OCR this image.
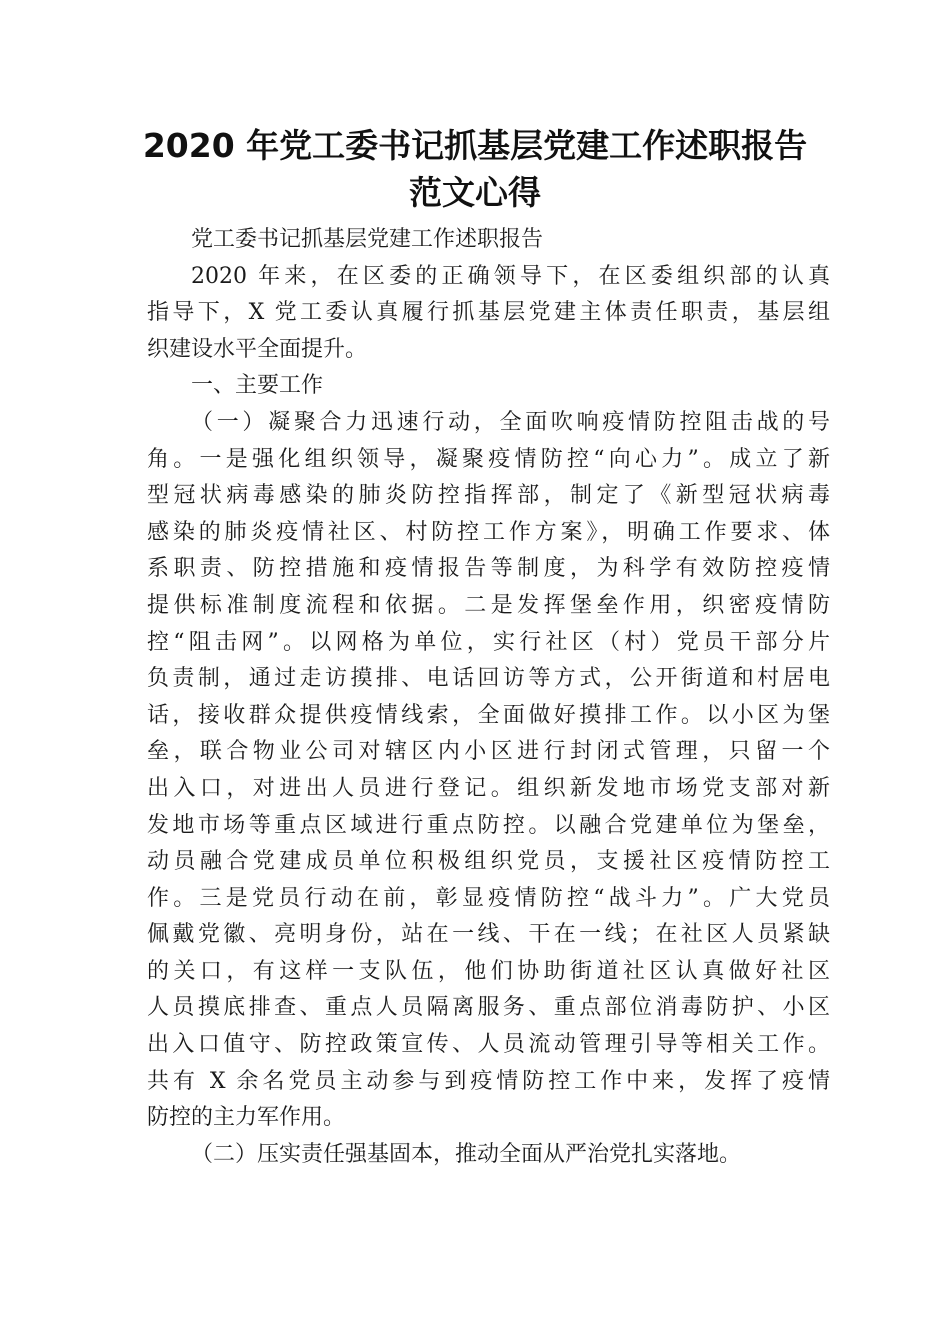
2020 年党工委书记抓基层党建工作述职报告
范文心得
党工委书记抓基层党建工作述职报告
2020 年来，在区委的正确领导下，在区委组织部的认真
指导下，X 党工委认真履行抓基层党建主体责任职责，基层组
织建设水平全面提升。
一、主要工作
（一）凝聚合力迅速行动，全面吹响疫情防控阻击战的号
角。一是强化组织领导，凝聚疫情防控“向心力”。成立了新
型冠状病毒感染的肺炎防控指挥部，制定了《新型冠状病毒
感染的肺炎疫情社区、村防控工作方案》，明确工作要求、体
系职责、防控措施和疫情报告等制度，为科学有效防控疫情
提供标准制度流程和依据。二是发挥堡垒作用，织密疫情防
控“阻击网”。以网格为单位，实行社区（村）党员干部分片
负责制，通过走访摸排、电话回访等方式，公开街道和村居电
话，接收群众提供疫情线索，全面做好摸排工作。以小区为堡
垒，联合物业公司对辖区内小区进行封闭式管理，只留一个
出入口，对进出人员进行登记。组织新发地市场党支部对新
发地市场等重点区域进行重点防控。以融合党建单位为堡垒，
动员融合党建成员单位积极组织党员，支援社区疫情防控工
作。三是党员行动在前，彰显疫情防控“战斗力”。广大党员
佩戴党徽、亮明身份，站在一线、干在一线；在社区人员紧缺
的关口，有这样一支队伍，他们协助街道社区认真做好社区
人员摸底排查、重点人员隔离服务、重点部位消毒防护、小区
出入口值守、防控政策宣传、人员流动管理引导等相关工作。
共有 X 余名党员主动参与到疫情防控工作中来，发挥了疫情
防控的主力军作用。
（二）压实责任强基固本，推动全面从严治党扎实落地。
